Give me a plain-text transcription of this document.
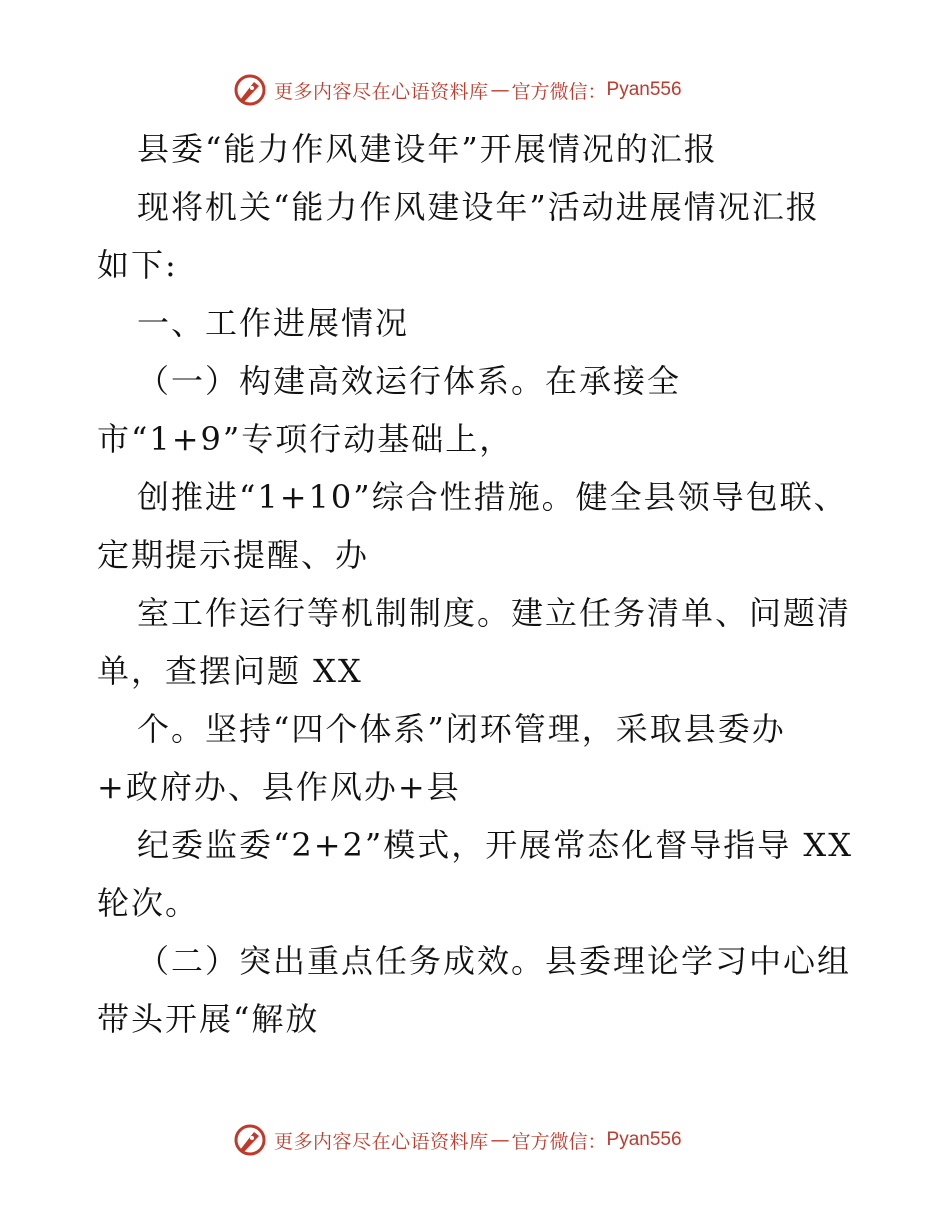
更多内容尽在心语资料库 — 官方微信： Pyan556
县委“能力作风建设年”开展情况的汇报
现将机关“能力作风建设年”活动进展情况汇报
如下:
一、工作进展情况
（一）构建高效运行体系。在承接全
市“1+9”专项行动基础上，
创推进“1+10”综合性措施。健全县领导包联、
定期提示提醒、办
室工作运行等机制制度。建立任务清单、问题清
单，查摆问题 XX
个。坚持“四个体系”闭环管理，采取县委办
+政府办、县作风办+县
纪委监委“2+2”模式，开展常态化督导指导 XX
轮次。
（二）突出重点任务成效。县委理论学习中心组
带头开展“解放
更多内容尽在心语资料库 — 官方微信： Pyan556
